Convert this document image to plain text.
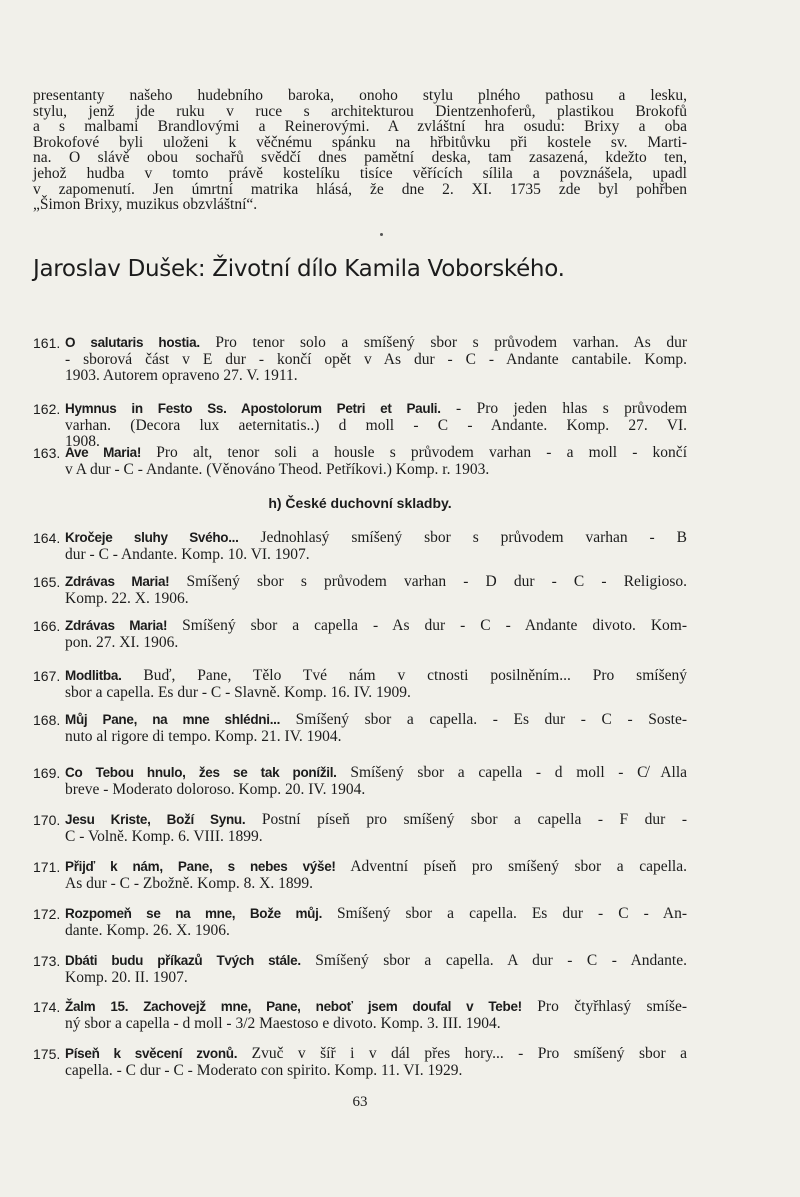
presentanty našeho hudebního baroka, onoho stylu plného pathosu a lesku,
stylu, jenž jde ruku v ruce s architekturou Dientzenhoferů, plastikou Brokofů
a s malbami Brandlovými a Reinerovými. A zvláštní hra osudu: Brixy a oba
Brokofové byli uloženi k věčnému spánku na hřbitůvku při kostele sv. Marti-
na. O slávě obou sochařů svědčí dnes pamětní deska, tam zasazená, kdežto ten,
jehož hudba v tomto právě kostelíku tisíce věřících sílila a povznášela, upadl
v zapomenutí. Jen úmrtní matrika hlásá, že dne 2. XI. 1735 zde byl pohřben
„Šimon Brixy, muzikus obzvláštní“.
Jaroslav Dušek: Životní dílo Kamila Voborského.
h) České duchovní skladby.
161. O salutaris hostia. Pro tenor solo a smíšený sbor s průvodem varhan. As dur
- sborová část v E dur - končí opět v As dur - C - Andante cantabile. Komp.
1903. Autorem opraveno 27. V. 1911.
162. Hymnus in Festo Ss. Apostolorum Petri et Pauli. - Pro jeden hlas s průvodem
varhan. (Decora lux aeternitatis..) d moll - C - Andante. Komp. 27. VI.
1908.
163. Ave Maria! Pro alt, tenor soli a housle s průvodem varhan - a moll - končí
v A dur - C - Andante. (Věnováno Theod. Petříkovi.) Komp. r. 1903.
164. Kročeje sluhy Svého... Jednohlasý smíšený sbor s průvodem varhan - B
dur - C - Andante. Komp. 10. VI. 1907.
165. Zdrávas Maria! Smíšený sbor s průvodem varhan - D dur - C - Religioso.
Komp. 22. X. 1906.
166. Zdrávas Maria! Smíšený sbor a capella - As dur - C - Andante divoto. Kom-
pon. 27. XI. 1906.
167. Modlitba. Buď, Pane, Tělo Tvé nám v ctnosti posilněním... Pro smíšený
sbor a capella. Es dur - C - Slavně. Komp. 16. IV. 1909.
168. Můj Pane, na mne shlédni... Smíšený sbor a capella. - Es dur - C - Soste-
nuto al rigore di tempo. Komp. 21. IV. 1904.
169. Co Tebou hnulo, žes se tak ponížil. Smíšený sbor a capella - d moll - C̸ Alla
breve - Moderato doloroso. Komp. 20. IV. 1904.
170. Jesu Kriste, Boží Synu. Postní píseň pro smíšený sbor a capella - F dur -
C - Volně. Komp. 6. VIII. 1899.
171. Přijď k nám, Pane, s nebes výše! Adventní píseň pro smíšený sbor a capella.
As dur - C - Zbožně. Komp. 8. X. 1899.
172. Rozpomeň se na mne, Bože můj. Smíšený sbor a capella. Es dur - C - An-
dante. Komp. 26. X. 1906.
173. Dbáti budu příkazů Tvých stále. Smíšený sbor a capella. A dur - C - Andante.
Komp. 20. II. 1907.
174. Žalm 15. Zachovejž mne, Pane, neboť jsem doufal v Tebe! Pro čtyřhlasý smíše-
ný sbor a capella - d moll - 3/2 Maestoso e divoto. Komp. 3. III. 1904.
175. Píseň k svěcení zvonů. Zvuč v šíř i v dál přes hory... - Pro smíšený sbor a
capella. - C dur - C - Moderato con spirito. Komp. 11. VI. 1929.
63
